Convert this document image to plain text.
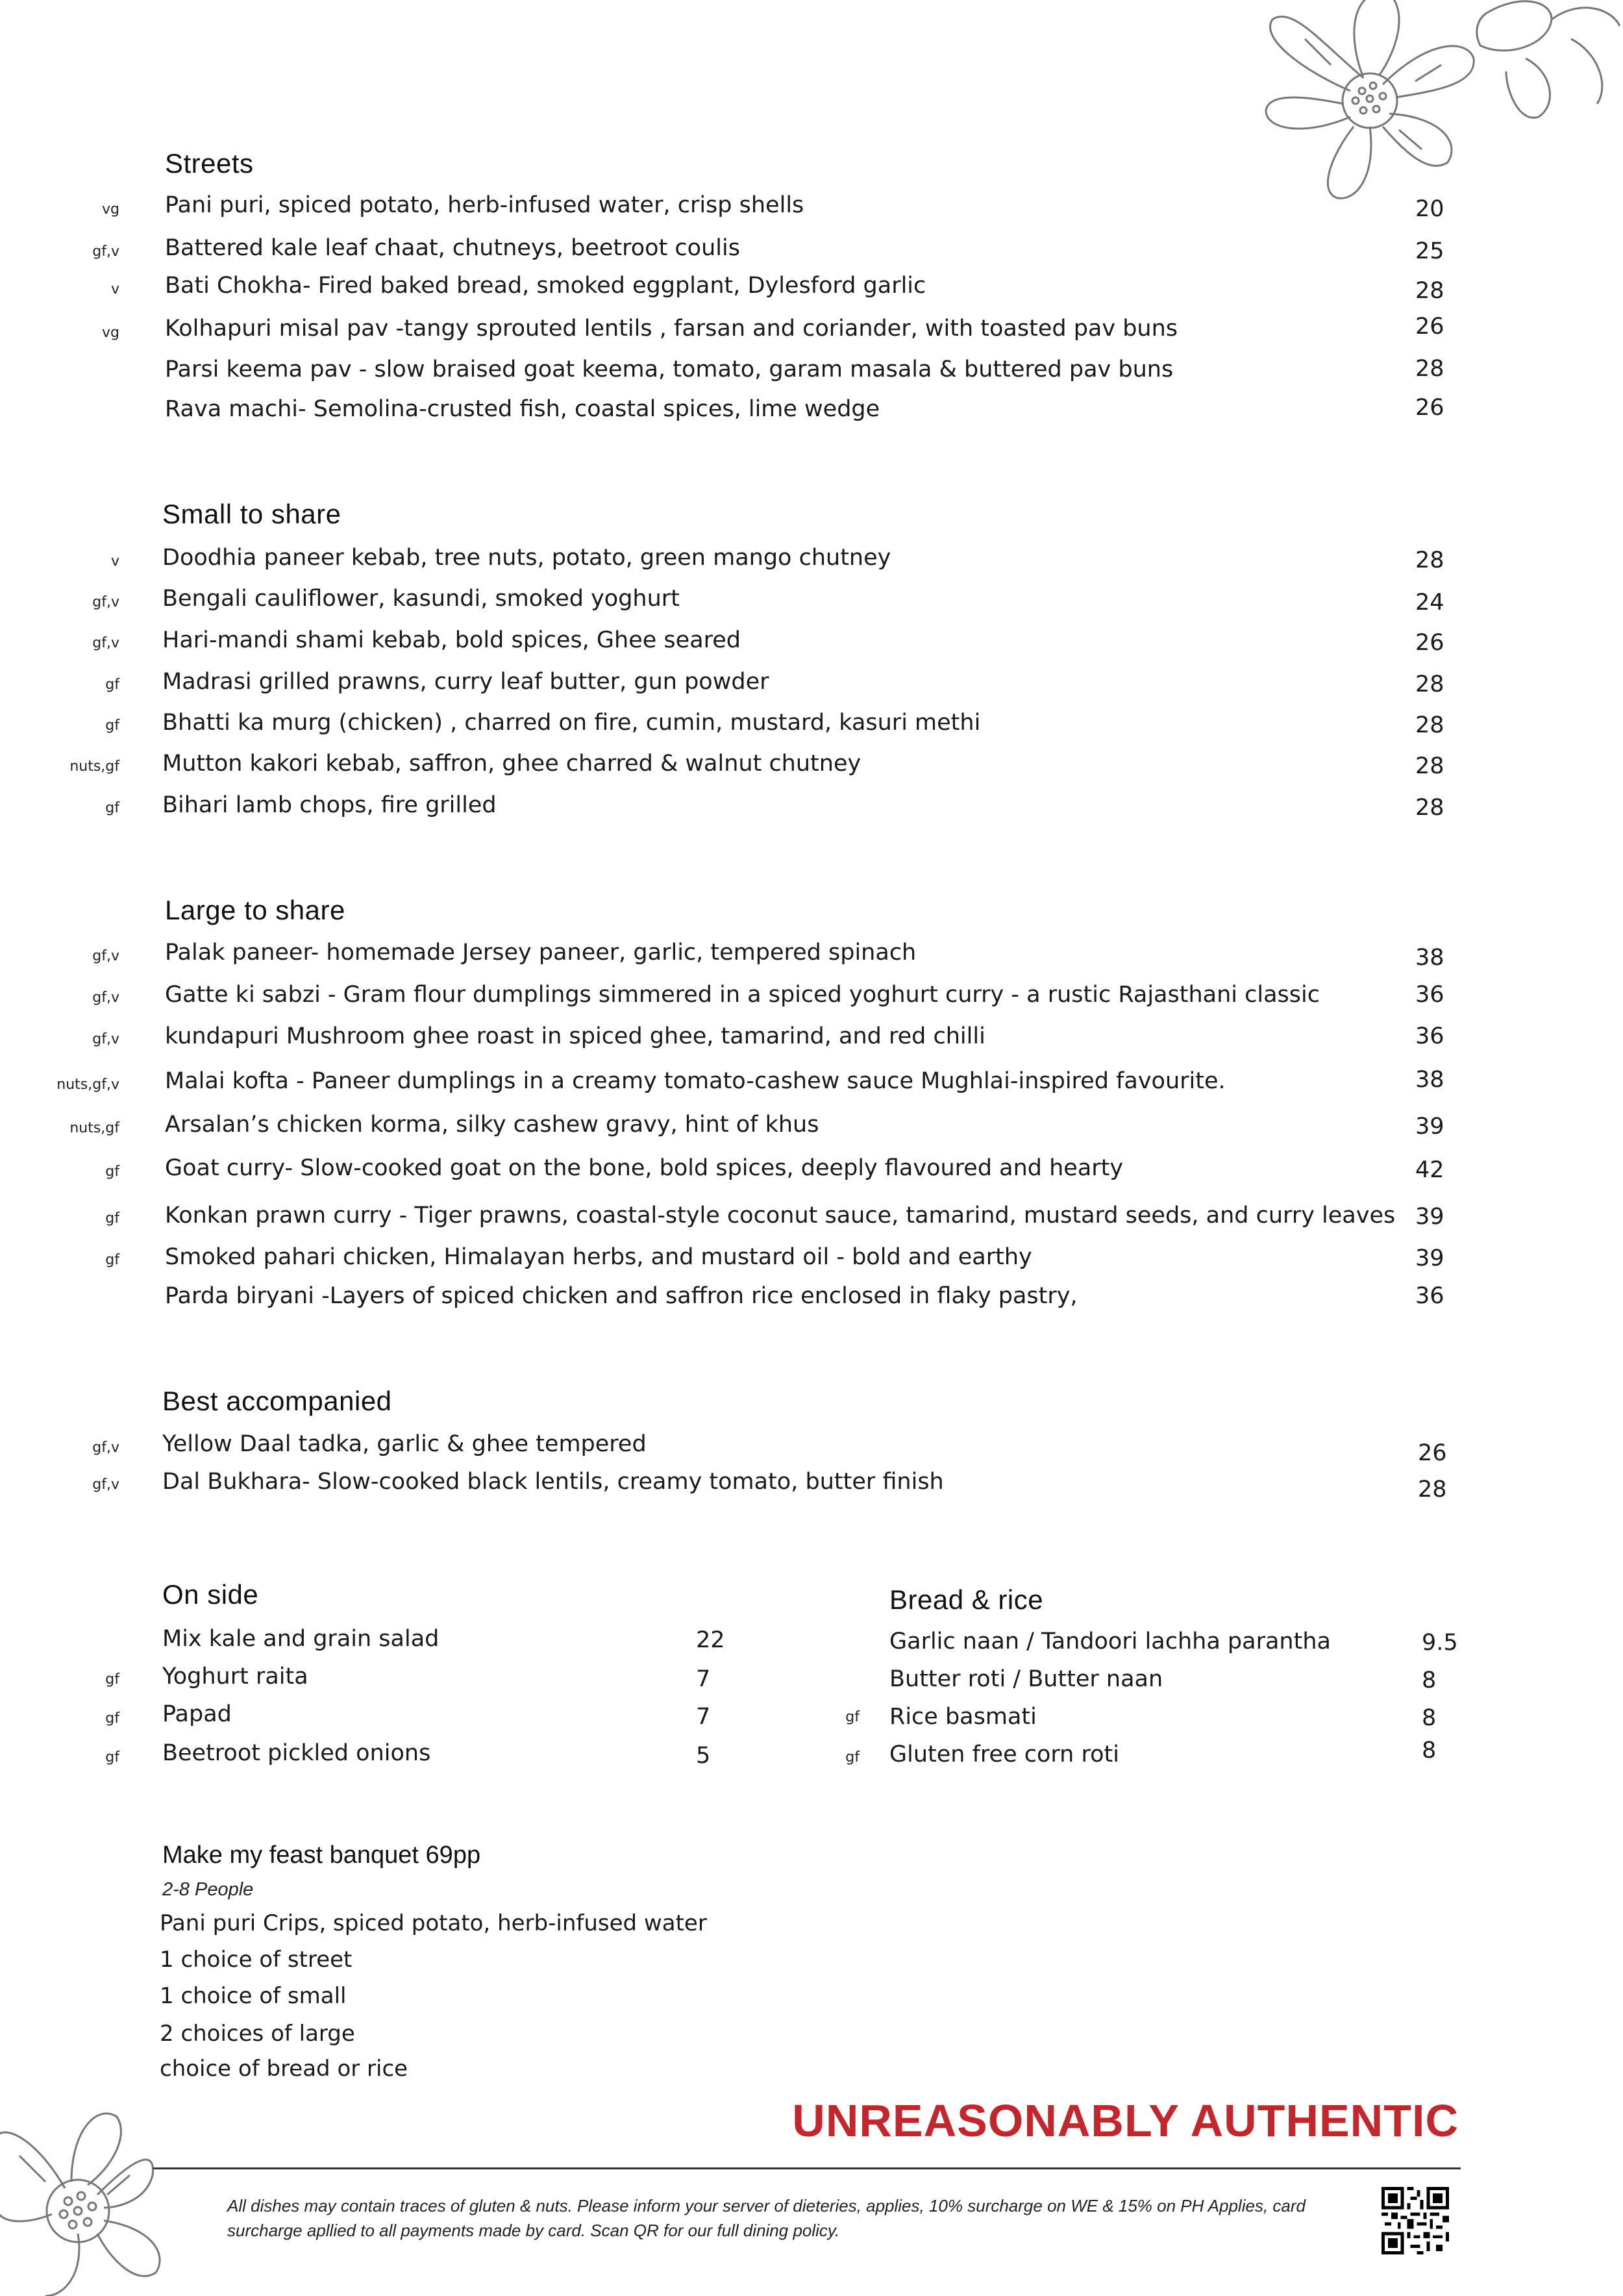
Streets
vg Pani puri, spiced potato, herb-infused water, crisp shells	20
gf,v Battered kale leaf chaat, chutneys, beetroot coulis	25
v Bati Chokha- Fired baked bread, smoked eggplant, Dylesford garlic	28
vg Kolhapuri misal pav -tangy sprouted lentils , farsan and coriander, with toasted pav buns	26
Parsi keema pav - slow braised goat keema, tomato, garam masala & buttered pav buns	28
Rava machi- Semolina-crusted fish, coastal spices, lime wedge	26
Small to share
v Doodhia paneer kebab, tree nuts, potato, green mango chutney	28
gf,v Bengali cauliflower, kasundi, smoked yoghurt	24
gf,v Hari-mandi shami kebab, bold spices, Ghee seared	26
gf Madrasi grilled prawns, curry leaf butter, gun powder	28
gf Bhatti ka murg (chicken) , charred on fire, cumin, mustard, kasuri methi	28
nuts,gf Mutton kakori kebab, saffron, ghee charred & walnut chutney	28
gf Bihari lamb chops, fire grilled	28
Large to share
gf,v Palak paneer- homemade Jersey paneer, garlic, tempered spinach	38
gf,v Gatte ki sabzi - Gram flour dumplings simmered in a spiced yoghurt curry - a rustic Rajasthani classic	36
gf,v kundapuri Mushroom ghee roast in spiced ghee, tamarind, and red chilli	36
nuts,gf,v Malai kofta - Paneer dumplings in a creamy tomato-cashew sauce Mughlai-inspired favourite.	38
nuts,gf Arsalan’s chicken korma, silky cashew gravy, hint of khus	39
gf Goat curry- Slow-cooked goat on the bone, bold spices, deeply flavoured and hearty	42
gf Konkan prawn curry - Tiger prawns, coastal-style coconut sauce, tamarind, mustard seeds, and curry leaves 39
gf Smoked pahari chicken, Himalayan herbs, and mustard oil - bold and earthy	39
Parda biryani -Layers of spiced chicken and saffron rice enclosed in flaky pastry,	36
Best accompanied
gf,v Yellow Daal tadka, garlic & ghee tempered	26
gf,v Dal Bukhara- Slow-cooked black lentils, creamy tomato, butter finish	28
On side
Mix kale and grain salad	22
gf Yoghurt raita	7
gf Papad	7
gf Beetroot pickled onions	5
Bread & rice
Garlic naan / Tandoori lachha parantha	9.5
Butter roti / Butter naan	8
gf Rice basmati	8
gf Gluten free corn roti	8
Make my feast banquet 69pp
2-8 People
Pani puri Crips, spiced potato, herb-infused water
1 choice of street
1 choice of small
2 choices of large
choice of bread or rice
UNREASONABLY AUTHENTIC
All dishes may contain traces of gluten & nuts. Please inform your server of dieteries, applies, 10% surcharge on WE & 15% on PH Applies, card surcharge apllied to all payments made by card. Scan QR for our full dining policy.
